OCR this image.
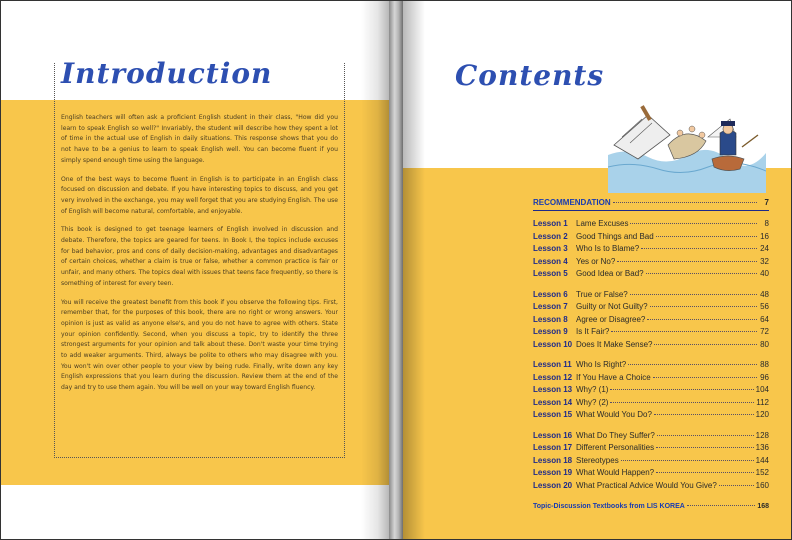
Introduction

English teachers will often ask a proficient English student in their class, "How did you learn to speak English so well?" Invariably, the student will describe how they spent a lot of time in the actual use of English in daily situations. This response shows that you do not have to be a genius to learn to speak English well. You can become fluent if you simply spend enough time using the language.

One of the best ways to become fluent in English is to participate in an English class focused on discussion and debate. If you have interesting topics to discuss, and you get very involved in the exchange, you may well forget that you are studying English. The use of English will become natural, comfortable, and enjoyable.

This book is designed to get teenage learners of English involved in discussion and debate. Therefore, the topics are geared for teens. In Book I, the topics include excuses for bad behavior, pros and cons of daily decision-making, advantages and disadvantages of certain choices, whether a claim is true or false, whether a common practice is fair or unfair, and many others. The topics deal with issues that teens face frequently, so there is something of interest for every teen.

You will receive the greatest benefit from this book if you observe the following tips. First, remember that, for the purposes of this book, there are no right or wrong answers. Your opinion is just as valid as anyone else's, and you do not have to agree with others. State your opinion confidently. Second, when you discuss a topic, try to identify the three strongest arguments for your opinion and talk about these. Don't waste your time trying to add weaker arguments. Third, always be polite to others who may disagree with you. You won't win over other people to your view by being rude. Finally, write down any key English expressions that you learn during the discussion. Review them at the end of the day and try to use them again. You will be well on your way toward English fluency.

Contents
RECOMMENDATION	7
Lesson 1	Lame Excuses	8
Lesson 2	Good Things and Bad	16
Lesson 3	Who Is to Blame?	24
Lesson 4	Yes or No?	32
Lesson 5	Good Idea or Bad?	40
Lesson 6	True or False?	48
Lesson 7	Guilty or Not Guilty?	56
Lesson 8	Agree or Disagree?	64
Lesson 9	Is It Fair?	72
Lesson 10 Does It Make Sense?	80
Lesson 11 Who Is Right?	88
Lesson 12 If You Have a Choice	96
Lesson 13 Why? (1)	104
Lesson 14 Why? (2)	112
Lesson 15 What Would You Do?	120
Lesson 16 What Do They Suffer?	128
Lesson 17 Different Personalities	136
Lesson 18 Stereotypes	144
Lesson 19 What Would Happen?	152
Lesson 20 What Practical Advice Would You Give?	160
Topic-Discussion Textbooks from LIS KOREA	168
